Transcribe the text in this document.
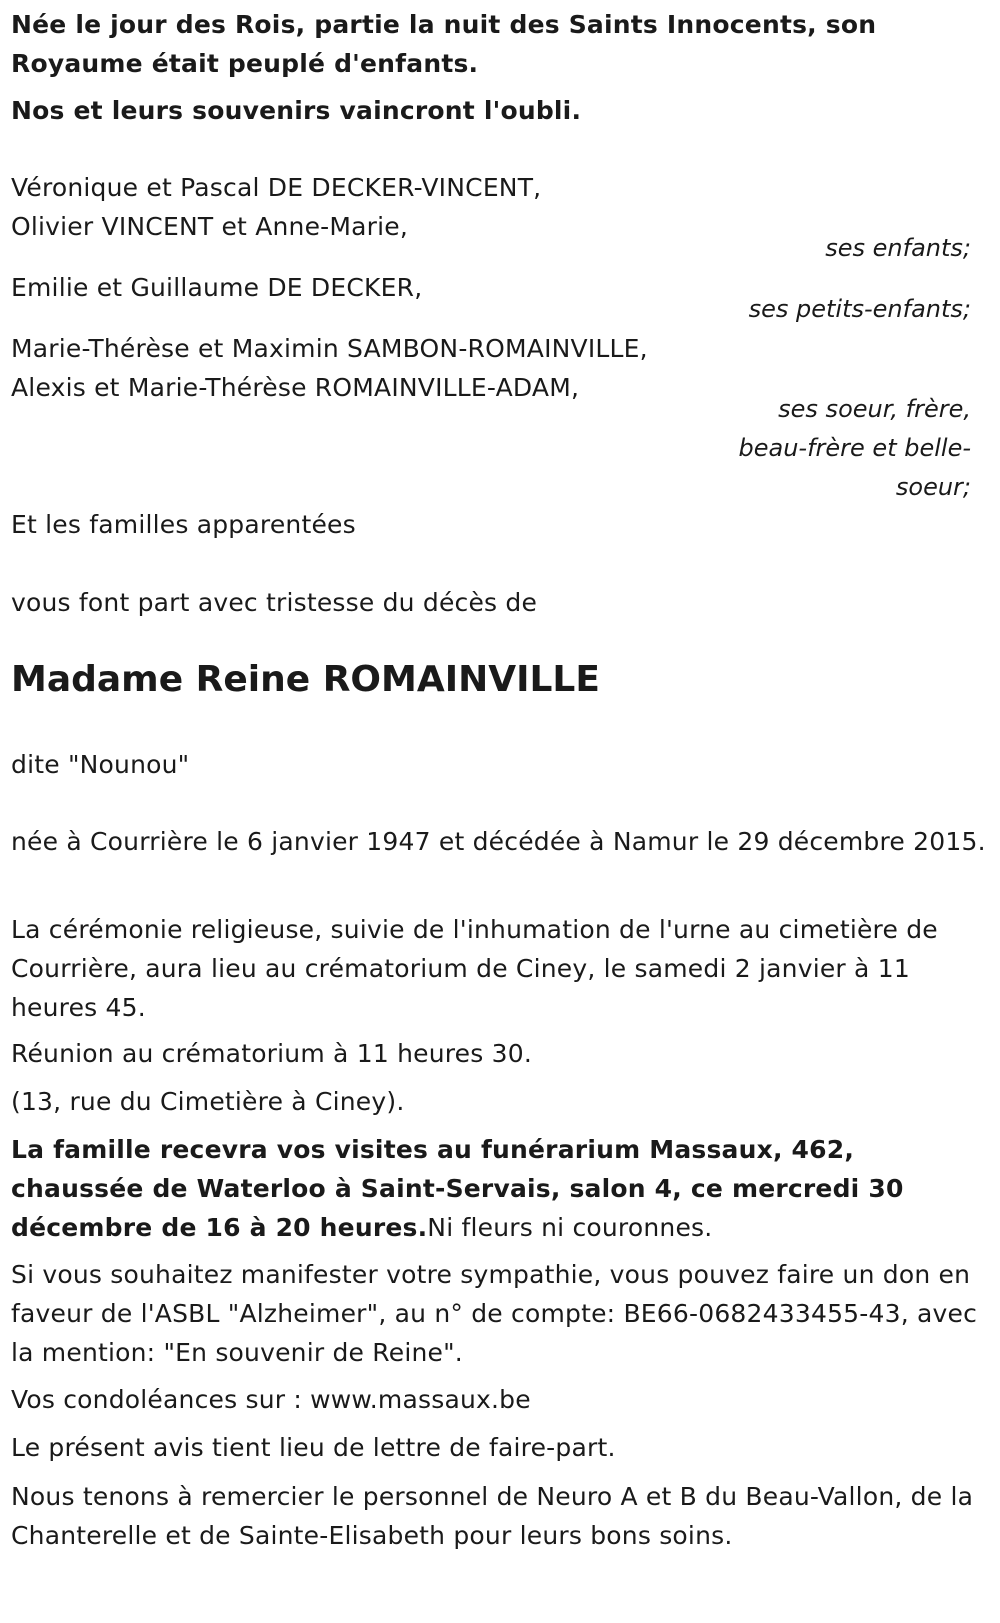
Née le jour des Rois, partie la nuit des Saints Innocents, son Royaume était peuplé d'enfants.

Nos et leurs souvenirs vaincront l'oubli.

Véronique et Pascal DE DECKER-VINCENT,

Olivier VINCENT et Anne-Marie,

ses enfants;

Emilie et Guillaume DE DECKER,

ses petits-enfants;

Marie-Thérèse et Maximin SAMBON-ROMAINVILLE,

Alexis et Marie-Thérèse ROMAINVILLE-ADAM,

ses soeur, frère, beau-frère et belle-soeur;

Et les familles apparentées

vous font part avec tristesse du décès de

Madame Reine ROMAINVILLE

dite "Nounou"

née à Courrière le 6 janvier 1947 et décédée à Namur le 29 décembre 2015.

La cérémonie religieuse, suivie de l'inhumation de l'urne au cimetière de Courrière, aura lieu au crématorium de Ciney, le samedi 2 janvier à 11 heures 45.

Réunion au crématorium à 11 heures 30.

(13, rue du Cimetière à Ciney).

La famille recevra vos visites au funérarium Massaux, 462, chaussée de Waterloo à Saint-Servais, salon 4, ce mercredi 30 décembre de 16 à 20 heures.Ni fleurs ni couronnes.

Si vous souhaitez manifester votre sympathie, vous pouvez faire un don en faveur de l'ASBL "Alzheimer", au n° de compte: BE66-0682433455-43, avec la mention: "En souvenir de Reine".

Vos condoléances sur : www.massaux.be

Le présent avis tient lieu de lettre de faire-part.

Nous tenons à remercier le personnel de Neuro A et B du Beau-Vallon, de la Chanterelle et de Sainte-Elisabeth pour leurs bons soins.
